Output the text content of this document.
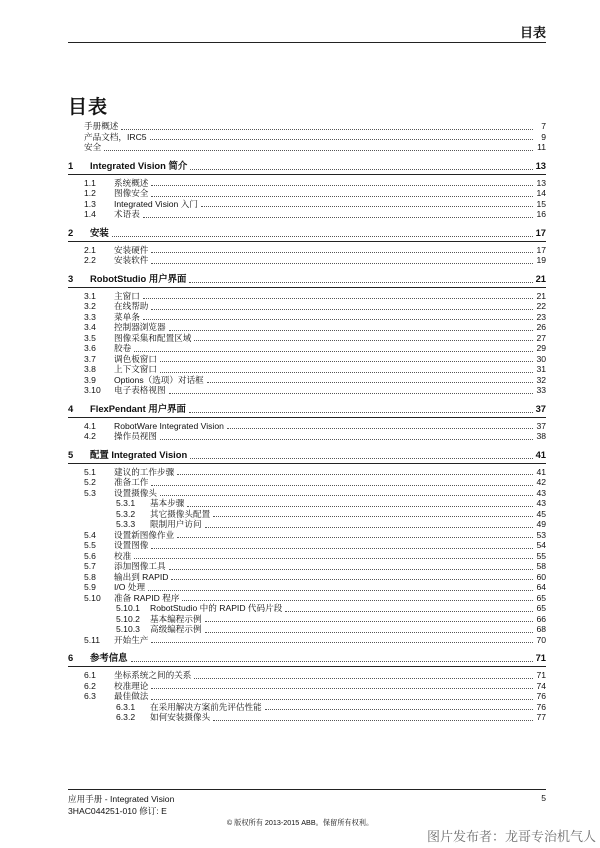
目表
目表
手册概述	7
产品文档，IRC5	9
安全	11
1	Integrated Vision 简介	13
1.1	系统概述	13
1.2	图像安全	14
1.3	Integrated Vision 入门	15
1.4	术语表	16
2	安装	17
2.1	安装硬件	17
2.2	安装软件	19
3	RobotStudio 用户界面	21
3.1	主窗口	21
3.2	在线帮助	22
3.3	菜单条	23
3.4	控制器浏览器	26
3.5	图像采集和配置区域	27
3.6	胶卷	29
3.7	调色板窗口	30
3.8	上下文窗口	31
3.9	Options（选项）对话框	32
3.10	电子表格视图	33
4	FlexPendant 用户界面	37
4.1	RobotWare Integrated Vision	37
4.2	操作员视图	38
5	配置 Integrated Vision	41
5.1	建议的工作步骤	41
5.2	准备工作	42
5.3	设置摄像头	43
5.3.1	基本步骤	43
5.3.2	其它摄像头配置	45
5.3.3	限制用户访问	49
5.4	设置新图像作业	53
5.5	设置图像	54
5.6	校准	55
5.7	添加图像工具	58
5.8	输出到 RAPID	60
5.9	I/O 处理	64
5.10	准备 RAPID 程序	65
5.10.1	RobotStudio 中的 RAPID 代码片段	65
5.10.2	基本编程示例	66
5.10.3	高级编程示例	68
5.11	开始生产	70
6	参考信息	71
6.1	坐标系统之间的关系	71
6.2	校准理论	74
6.3	最佳做法	76
6.3.1	在采用解决方案前先评估性能	76
6.3.2	如何安装摄像头	77
应用手册 - Integrated Vision
3HAC044251-010 修订: E
5
© 版权所有 2013-2015 ABB。保留所有权利。
图片发布者：龙哥专治机气人
